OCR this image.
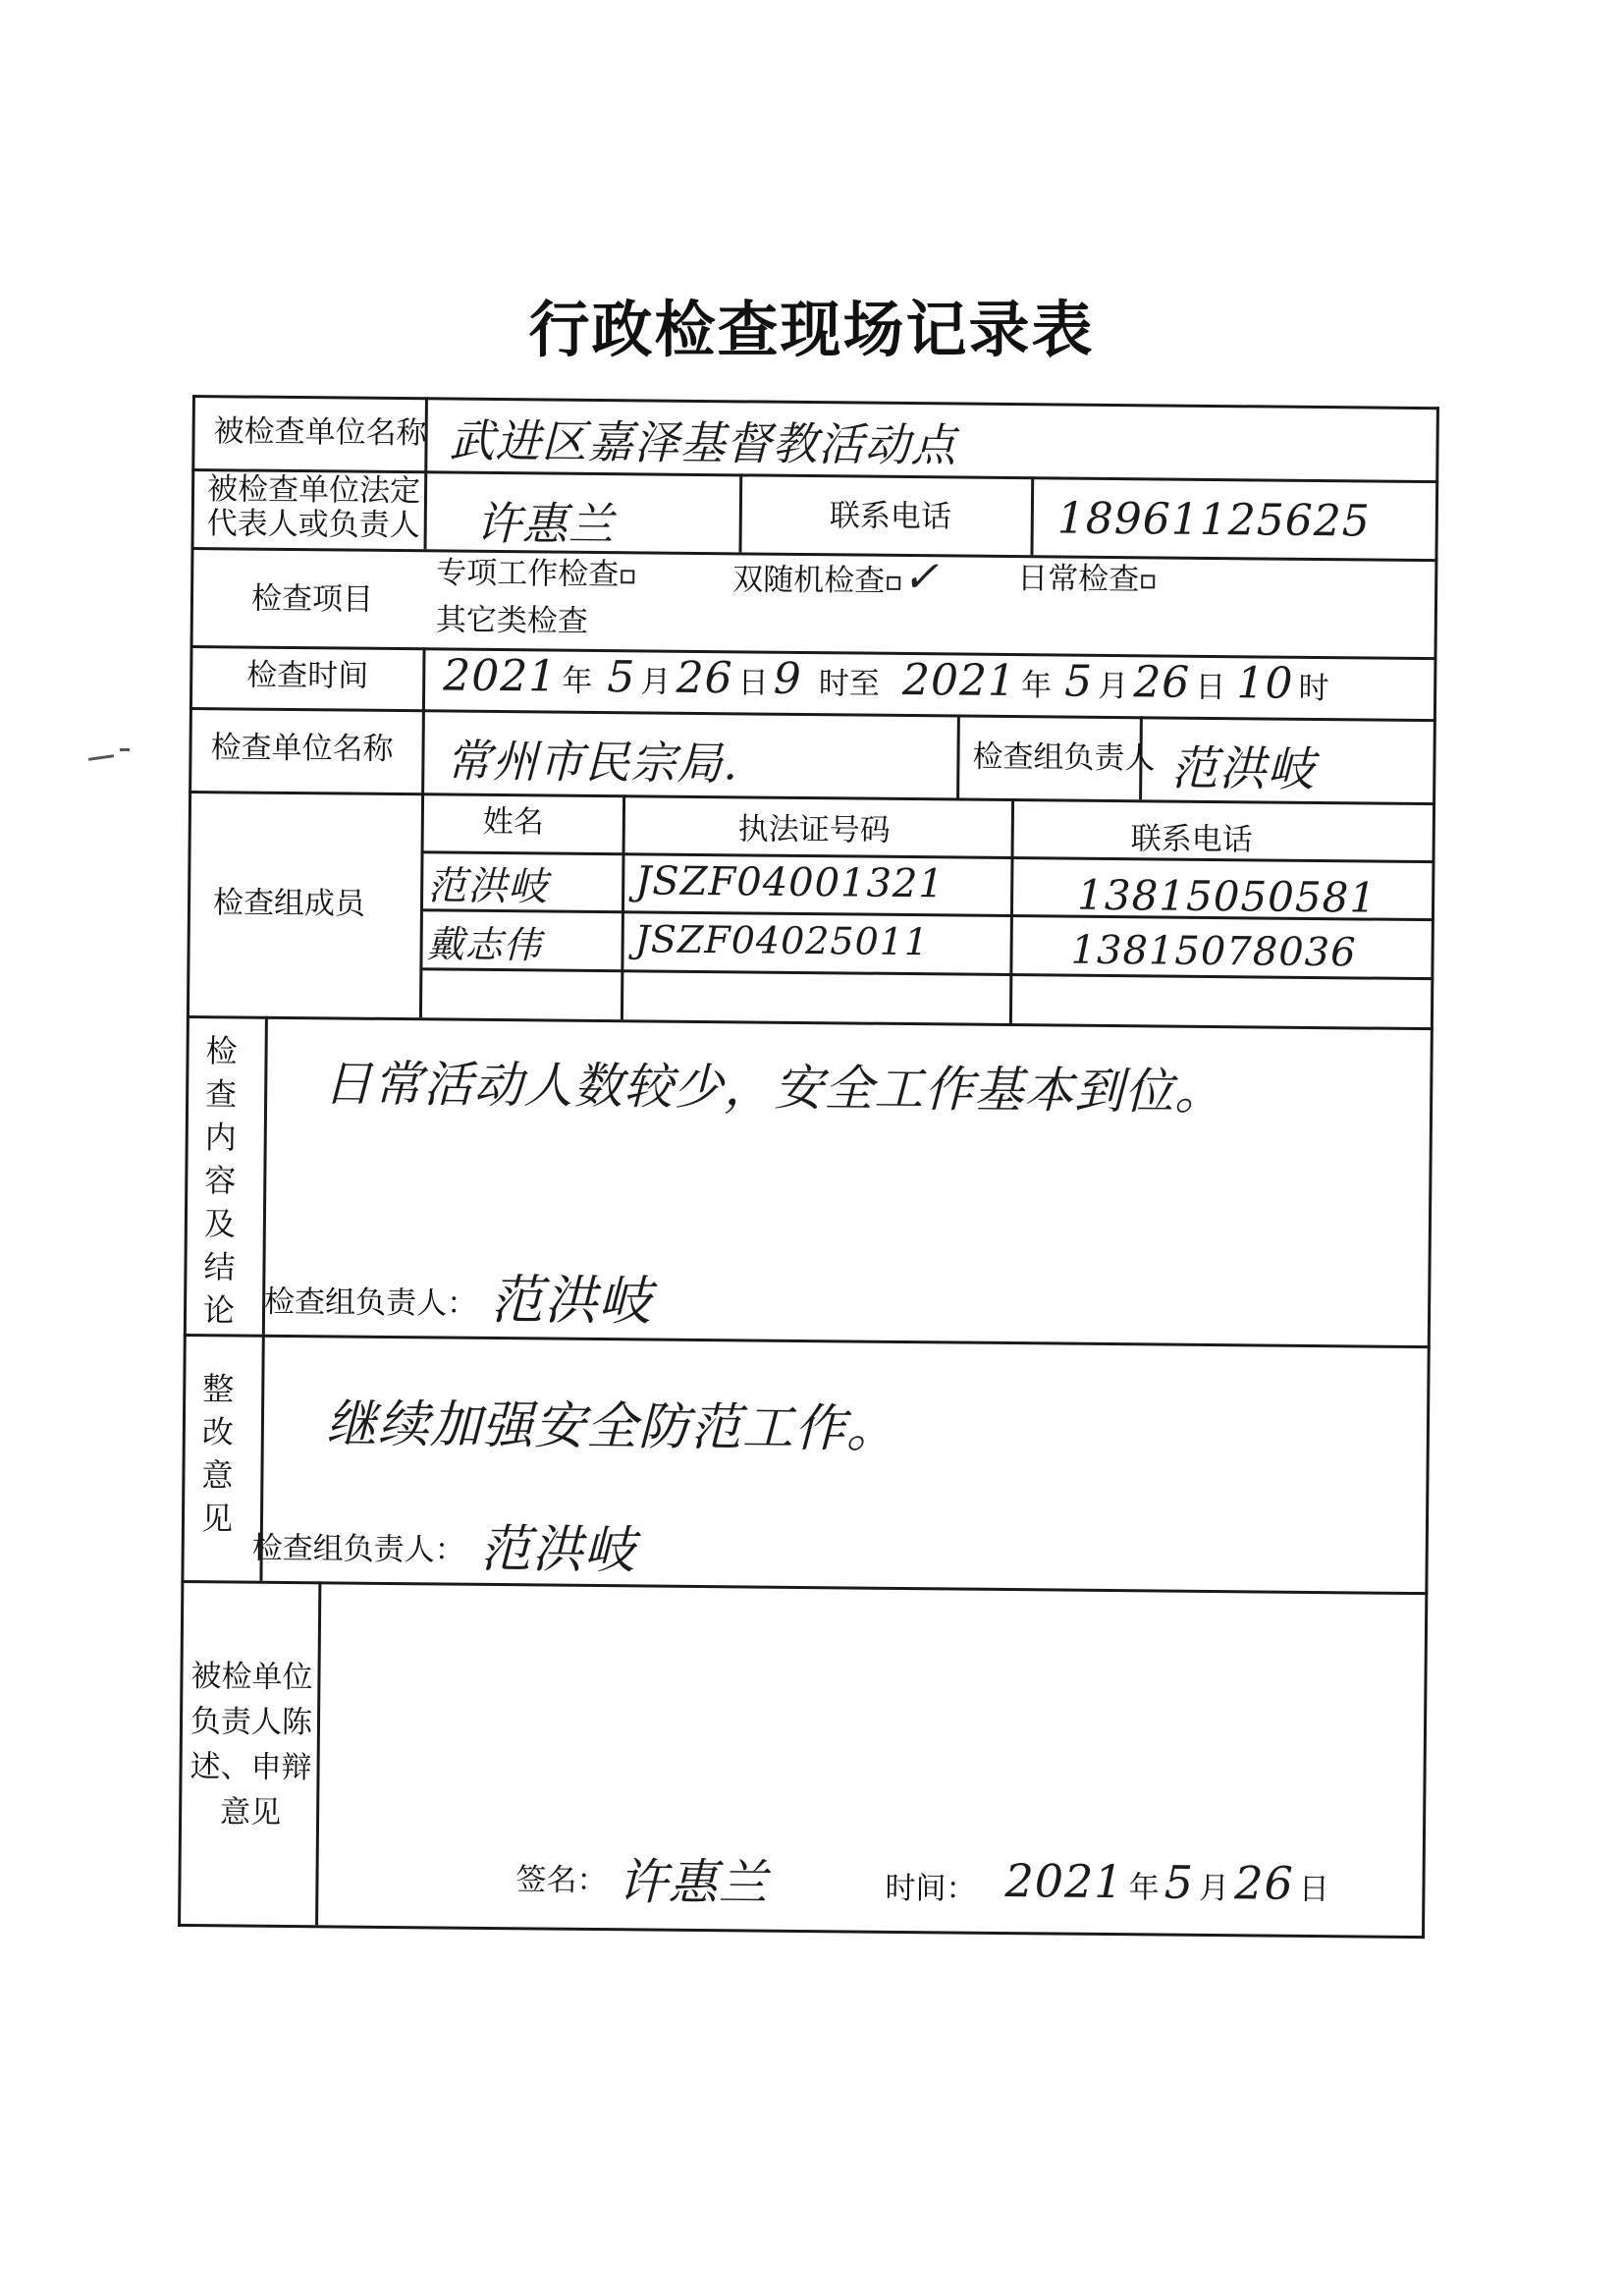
行政检查现场记录表
被检查单位名称 武进区嘉泽基督教活动点
被检查单位法定
代表人或负责人 许惠兰	联系电话 18961125625
检查项目
专项工作检查	双随机检查 ✓	日常检查
其它类检查
检查时间 2021 年 5 月 26 日 9 时至 2021 年 5 月 26 日 10 时
检查单位名称 常州市民宗局.	检查组负责人 范洪岐
检查组成员
姓名	执法证号码	联系电话
范洪岐 JSZF04001321	13815050581
戴志伟 JSZF04025011	13815078036
检查内容及结论
日常活动人数较少，安全工作基本到位。
检查组负责人： 范洪岐
整改意见
继续加强安全防范工作。
检查组负责人： 范洪岐
被检单位
负责人陈
述、申辩
意见
签名： 许惠兰	时间： 2021 年 5 月 26 日
